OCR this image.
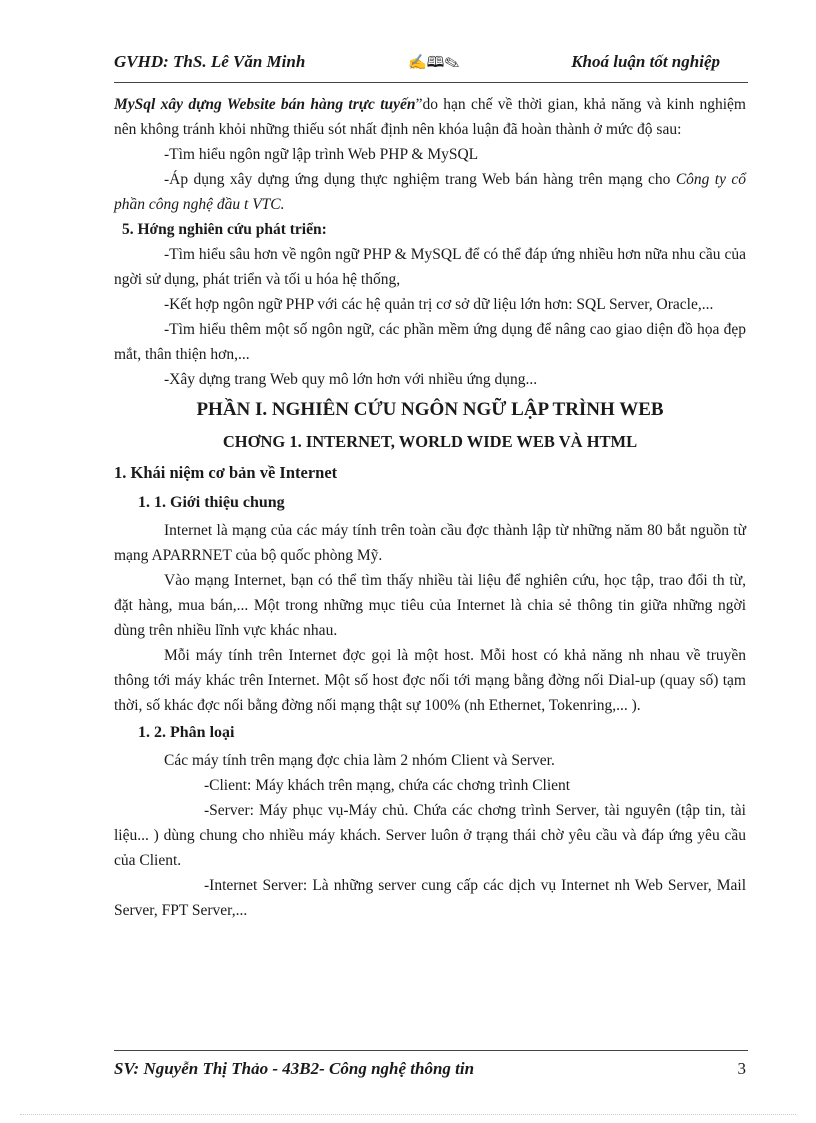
GVHD: ThS. Lê Văn Minh	✍🕮✎	Khoá luận tốt nghiệp

MySql xây dựng Website bán hàng trực tuyến”do hạn chế về thời gian, khả năng và kinh nghiệm nên không tránh khỏi những thiếu sót nhất định nên khóa luận đã hoàn thành ở mức độ sau:

-Tìm hiểu ngôn ngữ lập trình Web PHP & MySQL

-Áp dụng xây dựng ứng dụng thực nghiệm trang Web bán hàng trên mạng cho Công ty cổ phần công nghệ đầu t VTC.

5. Hớng nghiên cứu phát triển:

-Tìm hiểu sâu hơn về ngôn ngữ PHP & MySQL để có thể đáp ứng nhiều hơn nữa nhu cầu của ngời sử dụng, phát triển và tối u hóa hệ thống,

-Kết hợp ngôn ngữ PHP với các hệ quản trị cơ sở dữ liệu lớn hơn: SQL Server, Oracle,...

-Tìm hiểu thêm một số ngôn ngữ, các phần mềm ứng dụng để nâng cao giao diện đồ họa đẹp mắt, thân thiện hơn,...

-Xây dựng trang Web quy mô lớn hơn với nhiều ứng dụng...

PHẦN I. NGHIÊN CỨU NGÔN NGỮ LẬP TRÌNH WEB

CHƠNG 1. INTERNET, WORLD WIDE WEB VÀ HTML

1. Khái niệm cơ bản về Internet

1. 1. Giới thiệu chung

Internet là mạng của các máy tính trên toàn cầu đợc thành lập từ những năm 80 bắt nguồn từ mạng APARRNET của bộ quốc phòng Mỹ.

Vào mạng Internet, bạn có thể tìm thấy nhiều tài liệu để nghiên cứu, học tập, trao đổi th từ, đặt hàng, mua bán,... Một trong những mục tiêu của Internet là chia sẻ thông tin giữa những ngời dùng trên nhiều lĩnh vực khác nhau.

Mỗi máy tính trên Internet đợc gọi là một host. Mỗi host có khả năng nh nhau về truyền thông tới máy khác trên Internet. Một số host đợc nối tới mạng bằng đờng nối Dial-up (quay số) tạm thời, số khác đợc nối bằng đờng nối mạng thật sự 100% (nh Ethernet, Tokenring,... ).

1. 2. Phân loại

Các máy tính trên mạng đợc chia làm 2 nhóm Client và Server.

-Client: Máy khách trên mạng, chứa các chơng trình Client

-Server: Máy phục vụ-Máy chủ. Chứa các chơng trình Server, tài nguyên (tập tin, tài liệu... ) dùng chung cho nhiều máy khách. Server luôn ở trạng thái chờ yêu cầu và đáp ứng yêu cầu của Client.

-Internet Server: Là những server cung cấp các dịch vụ Internet nh Web Server, Mail Server, FPT Server,...

SV: Nguyễn Thị Thảo - 43B2- Công nghệ thông tin	3
